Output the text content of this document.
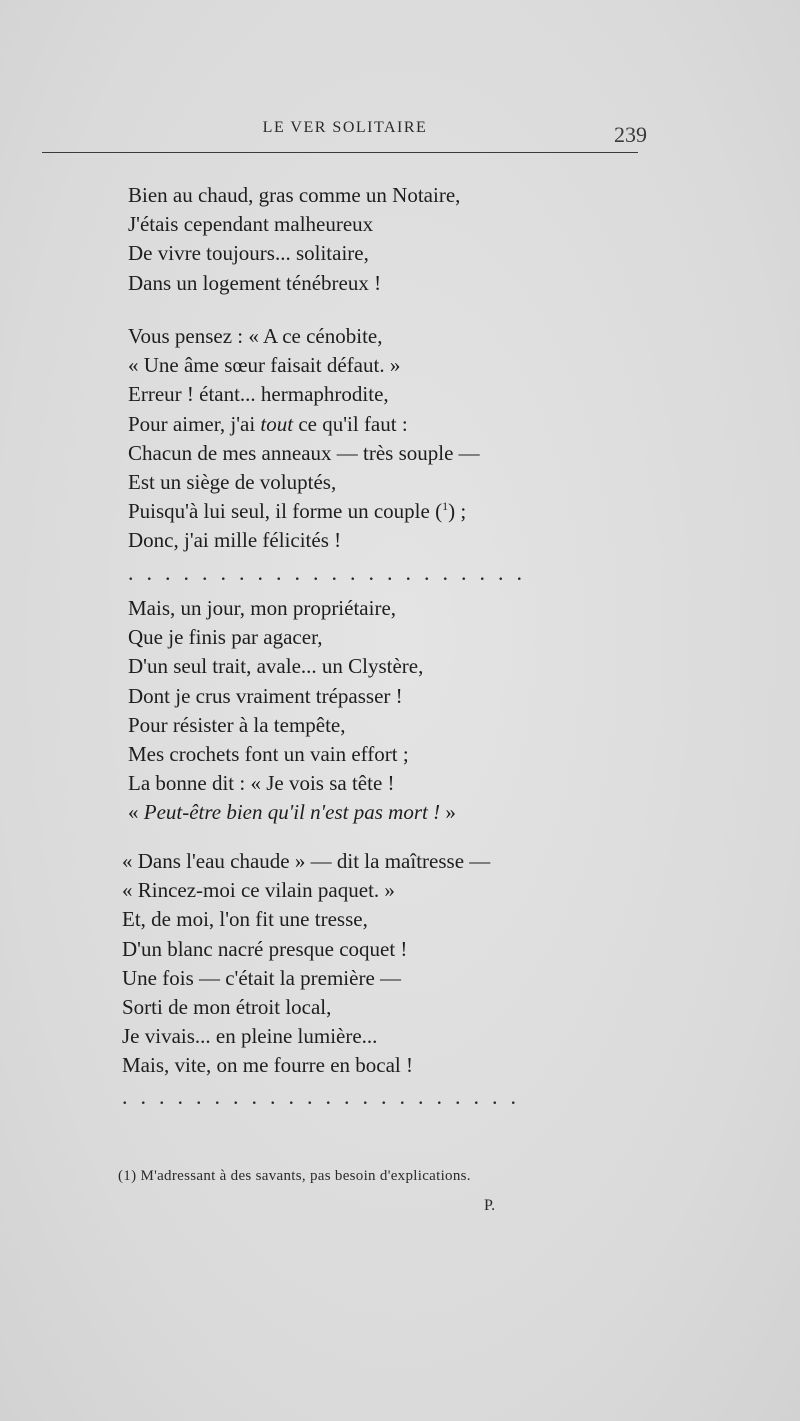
LE VER SOLITAIRE	239
Bien au chaud, gras comme un Notaire,
J'étais cependant malheureux
De vivre toujours... solitaire,
Dans un logement ténébreux !
Vous pensez : « A ce cénobite,
« Une âme sœur faisait défaut. »
Erreur ! étant... hermaphrodite,
Pour aimer, j'ai tout ce qu'il faut :
Chacun de mes anneaux — très souple —
Est un siège de voluptés,
Puisqu'à lui seul, il forme un couple ($^1$) ;
Donc, j'ai mille félicités !
......................
Mais, un jour, mon propriétaire,
Que je finis par agacer,
D'un seul trait, avale... un Clystère,
Dont je crus vraiment trépasser !
Pour résister à la tempête,
Mes crochets font un vain effort ;
La bonne dit : « Je vois sa tête !
« Peut-être bien qu'il n'est pas mort ! »
« Dans l'eau chaude » — dit la maîtresse —
« Rincez-moi ce vilain paquet. »
Et, de moi, l'on fit une tresse,
D'un blanc nacré presque coquet !
Une fois — c'était la première —
Sorti de mon étroit local,
Je vivais... en pleine lumière...
Mais, vite, on me fourre en bocal !
......................
(1) M'adressant à des savants, pas besoin d'explications.
P.
